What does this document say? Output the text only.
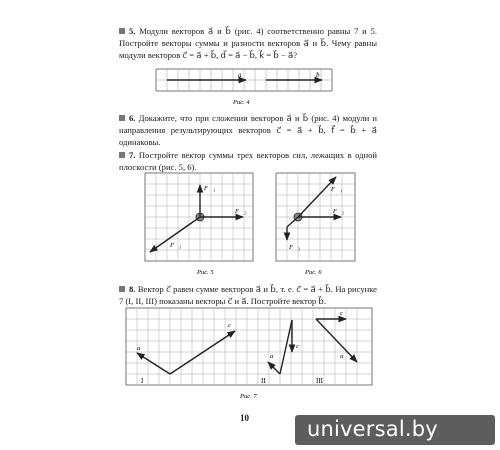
5. Модули векторов a⃗ и b⃗ (рис. 4) соответственно равны 7 и 5. Постройте векторы суммы и разности векторов a⃗ и b⃗. Чему равны модули векторов c⃗ = a⃗ + b⃗, d⃗ = a⃗ − b⃗, k⃗ = b⃗ − a⃗?
6. Докажите, что при сложении векторов a⃗ и b⃗ (рис. 4) модули и направления результирующих векторов c⃗ = a⃗ + b⃗, f⃗ = b⃗ + a⃗ одинаковы.
7. Постройте вектор суммы трех векторов сил, лежащих в одной плоскости (рис. 5, 6).
8. Вектор c⃗ равен сумме векторов a⃗ и b⃗, т. е. c⃗ = a⃗ + b⃗. На рисунке 7 (I, II, III) показаны векторы c⃗ и a⃗. Постройте вектор b⃗.
a⃗	b⃗
Рис. 4
F⃗₁
F⃗₂
F⃗₃
Рис. 5
F⃗₁
F⃗₂
F⃗₃
Рис. 6
a⃗
c⃗
I
a⃗
c⃗
II
c⃗
a⃗
III
Рис. 7
10	universal.by
